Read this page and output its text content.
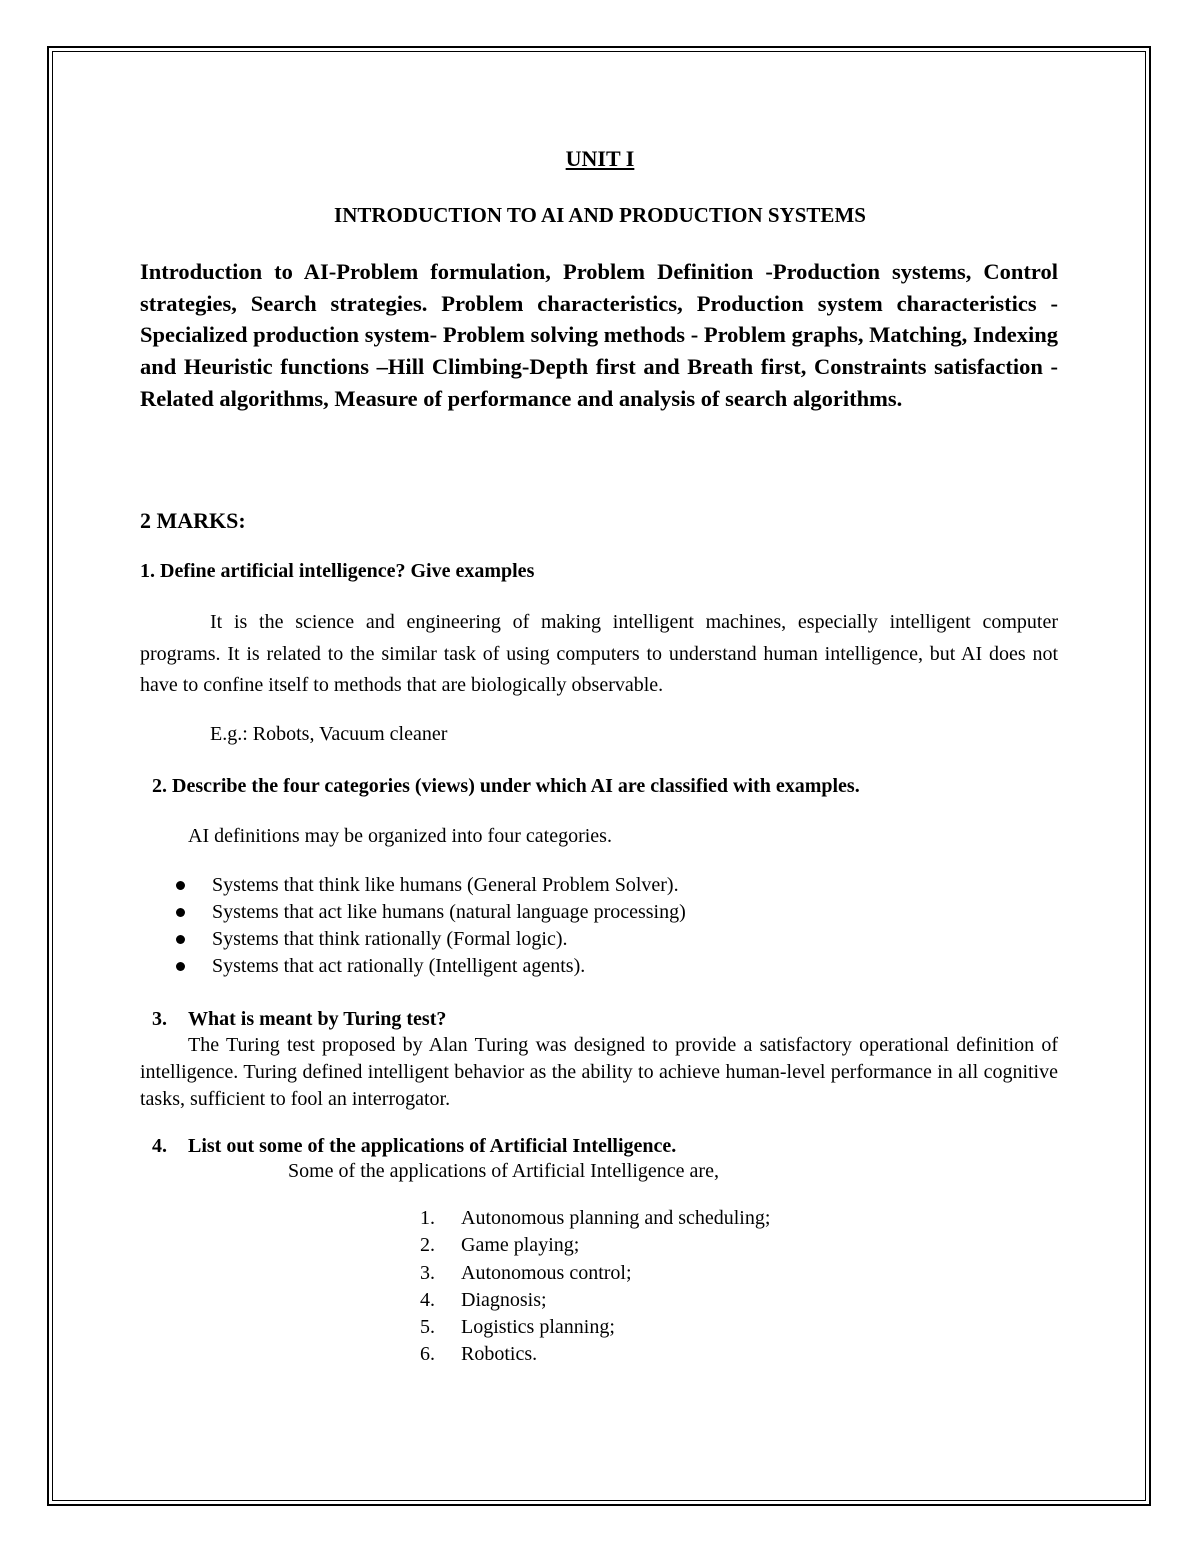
UNIT I
INTRODUCTION TO AI AND PRODUCTION SYSTEMS
Introduction to AI-Problem formulation, Problem Definition -Production systems, Control strategies, Search strategies. Problem characteristics, Production system characteristics -Specialized production system- Problem solving methods - Problem graphs, Matching, Indexing and Heuristic functions –Hill Climbing-Depth first and Breath first, Constraints satisfaction - Related algorithms, Measure of performance and analysis of search algorithms.
2 MARKS:
1. Define artificial intelligence? Give examples
It is the science and engineering of making intelligent machines, especially intelligent computer programs. It is related to the similar task of using computers to understand human intelligence, but AI does not have to confine itself to methods that are biologically observable.
E.g.: Robots, Vacuum cleaner
2. Describe the four categories (views) under which AI are classified with examples.
AI definitions may be organized into four categories.
Systems that think like humans (General Problem Solver).
Systems that act like humans (natural language processing)
Systems that think rationally (Formal logic).
Systems that act rationally (Intelligent agents).
3. What is meant by Turing test?
The Turing test proposed by Alan Turing was designed to provide a satisfactory operational definition of intelligence. Turing defined intelligent behavior as the ability to achieve human-level performance in all cognitive tasks, sufficient to fool an interrogator.
4. List out some of the applications of Artificial Intelligence.
Some of the applications of Artificial Intelligence are,
1. Autonomous planning and scheduling;
2. Game playing;
3. Autonomous control;
4. Diagnosis;
5. Logistics planning;
6. Robotics.
